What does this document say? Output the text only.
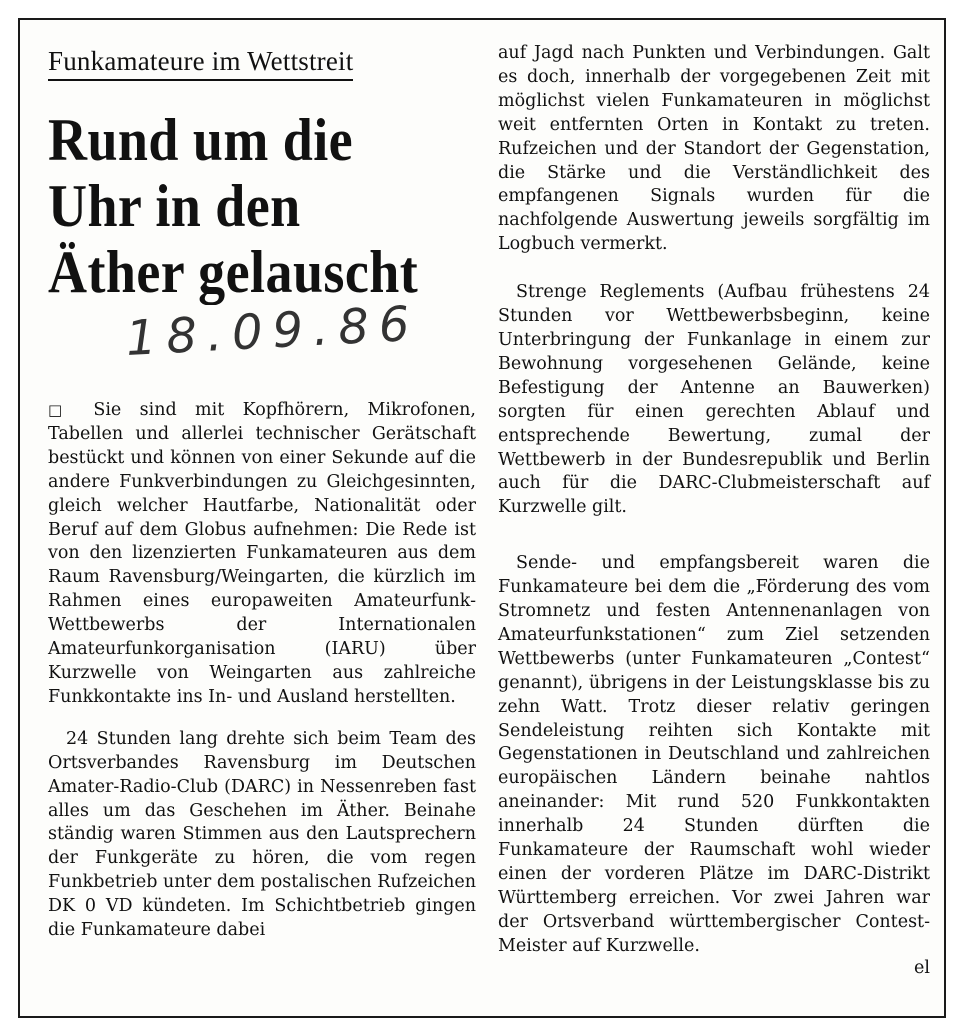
Funkamateure im Wettstreit
Rund um die
Uhr in den
Äther gelauscht
18.09.86

□ Sie sind mit Kopfhörern, Mikrofonen, Tabellen und allerlei technischer Gerätschaft bestückt und können von einer Sekunde auf die andere Funkverbindungen zu Gleichgesinnten, gleich welcher Hautfarbe, Nationalität oder Beruf auf dem Globus aufnehmen: Die Rede ist von den lizenzierten Funkamateuren aus dem Raum Ravensburg/Weingarten, die kürzlich im Rahmen eines europaweiten Amateurfunk-Wettbewerbs der Internationalen Amateurfunkorganisation (IARU) über Kurzwelle von Weingarten aus zahlreiche Funkkontakte ins In- und Ausland herstellten.

24 Stunden lang drehte sich beim Team des Ortsverbandes Ravensburg im Deutschen Amater-Radio-Club (DARC) in Nessenreben fast alles um das Geschehen im Äther. Beinahe ständig waren Stimmen aus den Lautsprechern der Funkgeräte zu hören, die vom regen Funkbetrieb unter dem postalischen Rufzeichen DK 0 VD kündeten. Im Schichtbetrieb gingen die Funkamateure dabei

auf Jagd nach Punkten und Verbindungen. Galt es doch, innerhalb der vorgegebenen Zeit mit möglichst vielen Funkamateuren in möglichst weit entfernten Orten in Kontakt zu treten. Rufzeichen und der Standort der Gegenstation, die Stärke und die Verständlichkeit des empfangenen Signals wurden für die nachfolgende Auswertung jeweils sorgfältig im Logbuch vermerkt.

Strenge Reglements (Aufbau frühestens 24 Stunden vor Wettbewerbsbeginn, keine Unterbringung der Funkanlage in einem zur Bewohnung vorgesehenen Gelände, keine Befestigung der Antenne an Bauwerken) sorgten für einen gerechten Ablauf und entsprechende Bewertung, zumal der Wettbewerb in der Bundesrepublik und Berlin auch für die DARC-Clubmeisterschaft auf Kurzwelle gilt.

Sende- und empfangsbereit waren die Funkamateure bei dem die „Förderung des vom Stromnetz und festen Antennenanlagen von Amateurfunkstationen“ zum Ziel setzenden Wettbewerbs (unter Funkamateuren „Contest“ genannt), übrigens in der Leistungsklasse bis zu zehn Watt. Trotz dieser relativ geringen Sendeleistung reihten sich Kontakte mit Gegenstationen in Deutschland und zahlreichen europäischen Ländern beinahe nahtlos aneinander: Mit rund 520 Funkkontakten innerhalb 24 Stunden dürften die Funkamateure der Raumschaft wohl wieder einen der vorderen Plätze im DARC-Distrikt Württemberg erreichen. Vor zwei Jahren war der Ortsverband württembergischer Contest-Meister auf Kurzwelle.

el
